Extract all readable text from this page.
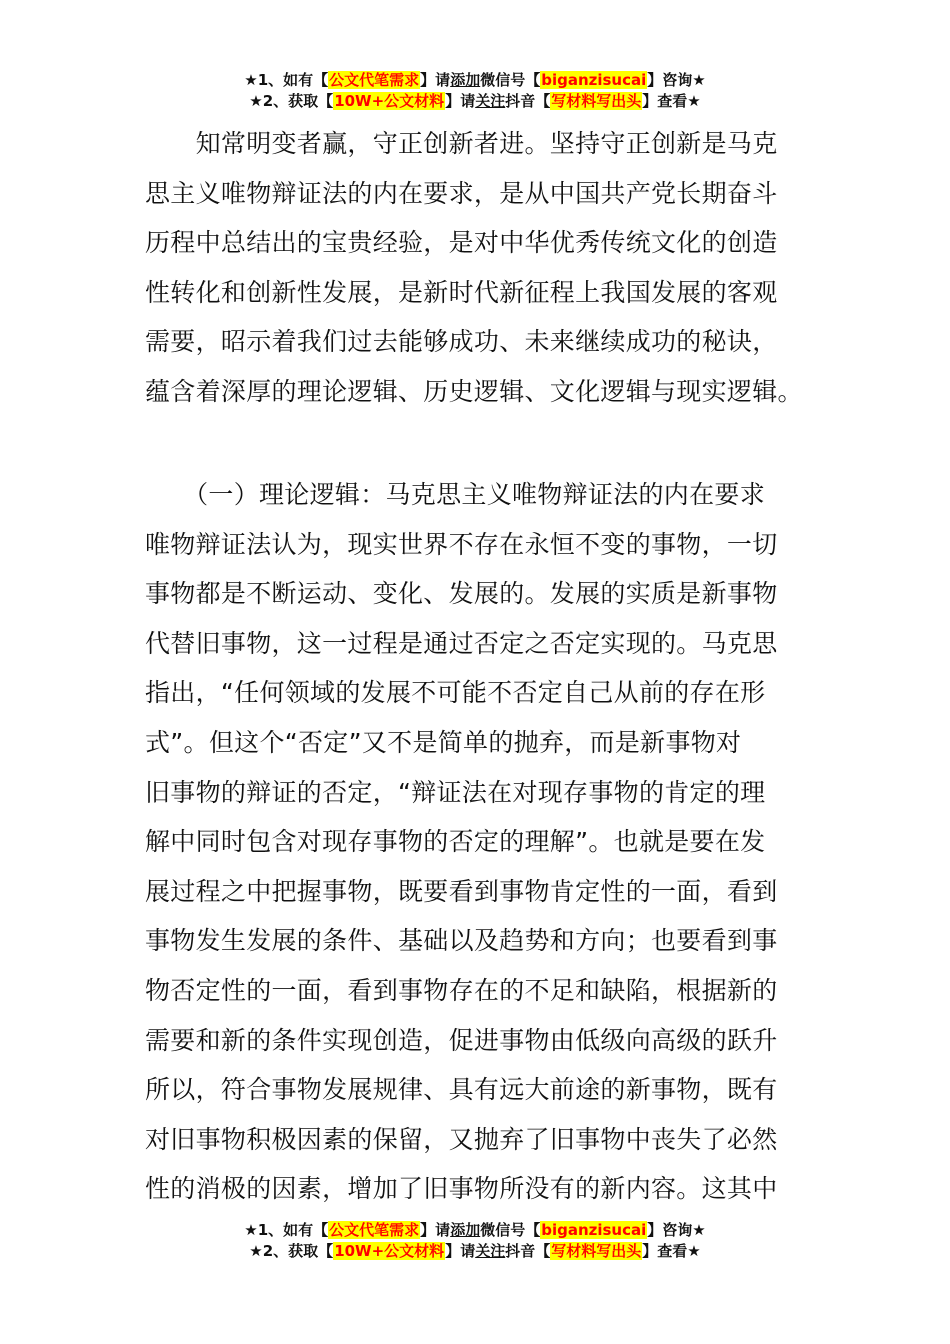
★1、如有【公文代笔需求】请添加微信号【biganzisucai】咨询★
★2、获取【10W+公文材料】请关注抖音【写材料写出头】查看★
　　知常明变者赢，守正创新者进。坚持守正创新是马克
思主义唯物辩证法的内在要求，是从中国共产党长期奋斗
历程中总结出的宝贵经验，是对中华优秀传统文化的创造
性转化和创新性发展，是新时代新征程上我国发展的客观
需要，昭示着我们过去能够成功、未来继续成功的秘诀，
蕴含着深厚的理论逻辑、历史逻辑、文化逻辑与现实逻辑。
　　（一）理论逻辑：马克思主义唯物辩证法的内在要求
唯物辩证法认为，现实世界不存在永恒不变的事物，一切
事物都是不断运动、变化、发展的。发展的实质是新事物
代替旧事物，这一过程是通过否定之否定实现的。马克思
指出，“任何领域的发展不可能不否定自己从前的存在形
式”。但这个“否定”又不是简单的抛弃，而是新事物对
旧事物的辩证的否定，“辩证法在对现存事物的肯定的理
解中同时包含对现存事物的否定的理解”。也就是要在发
展过程之中把握事物，既要看到事物肯定性的一面，看到
事物发生发展的条件、基础以及趋势和方向；也要看到事
物否定性的一面，看到事物存在的不足和缺陷，根据新的
需要和新的条件实现创造，促进事物由低级向高级的跃升
所以，符合事物发展规律、具有远大前途的新事物，既有
对旧事物积极因素的保留，又抛弃了旧事物中丧失了必然
性的消极的因素，增加了旧事物所没有的新内容。这其中
★1、如有【公文代笔需求】请添加微信号【biganzisucai】咨询★
★2、获取【10W+公文材料】请关注抖音【写材料写出头】查看★
